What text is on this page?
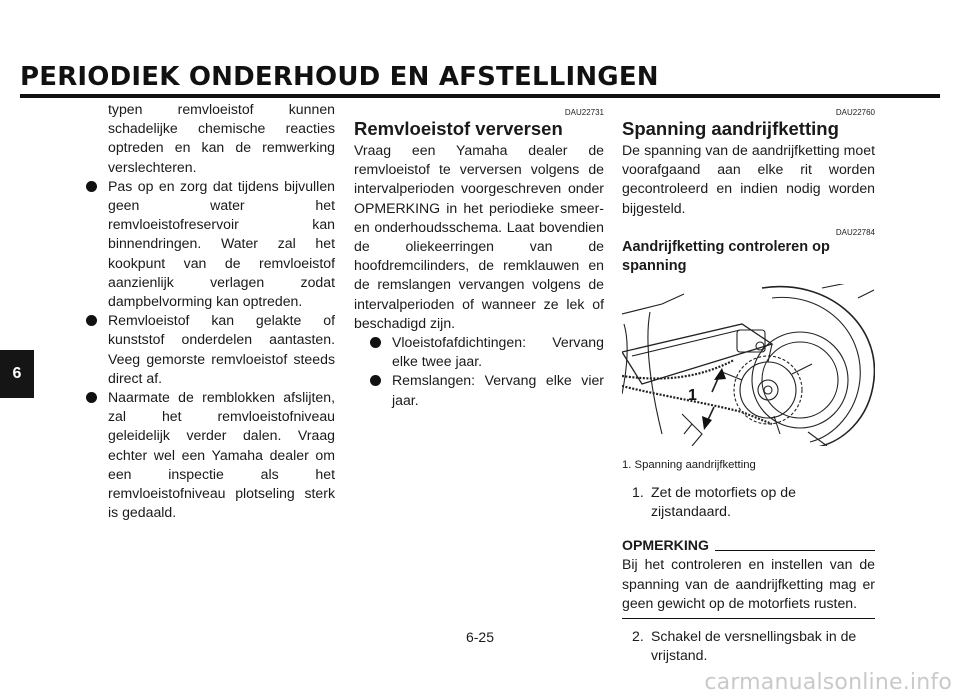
PERIODIEK ONDERHOUD EN AFSTELLINGEN
6

typen remvloeistof kunnen schadelijke chemische reacties optreden en kan de remwerking verslechteren.

Pas op en zorg dat tijdens bijvullen geen water het remvloeistofreservoir kan binnendringen. Water zal het kookpunt van de remvloeistof aanzienlijk verlagen zodat dampbelvorming kan optreden.
Remvloeistof kan gelakte of kunststof onderdelen aantasten. Veeg gemorste remvloeistof steeds direct af.
Naarmate de remblokken afslijten, zal het remvloeistofniveau geleidelijk verder dalen. Vraag echter wel een Yamaha dealer om een inspectie als het remvloeistofniveau plotseling sterk is gedaald.
DAU22731
Remvloeistof verversen

Vraag een Yamaha dealer de remvloeistof te verversen volgens de intervalperioden voorgeschreven onder OPMERKING in het periodieke smeer- en onderhoudsschema. Laat bovendien de oliekeerringen van de hoofdremcilinders, de remklauwen en de remslangen vervangen volgens de intervalperioden of wanneer ze lek of beschadigd zijn.

Vloeistofafdichtingen: Vervang elke twee jaar.
Remslangen: Vervang elke vier jaar.
DAU22760
Spanning aandrijfketting

De spanning van de aandrijfketting moet voorafgaand aan elke rit worden gecontroleerd en indien nodig worden bijgesteld.

DAU22784
Aandrijfketting controleren op spanning
1
1. Spanning aandrijfketting
1. Zet de motorfiets op de zijstandaard.
OPMERKING
Bij het controleren en instellen van de spanning van de aandrijfketting mag er geen gewicht op de motorfiets rusten.
2. Schakel de versnellingsbak in de vrijstand.
6-25
carmanualsonline.info
